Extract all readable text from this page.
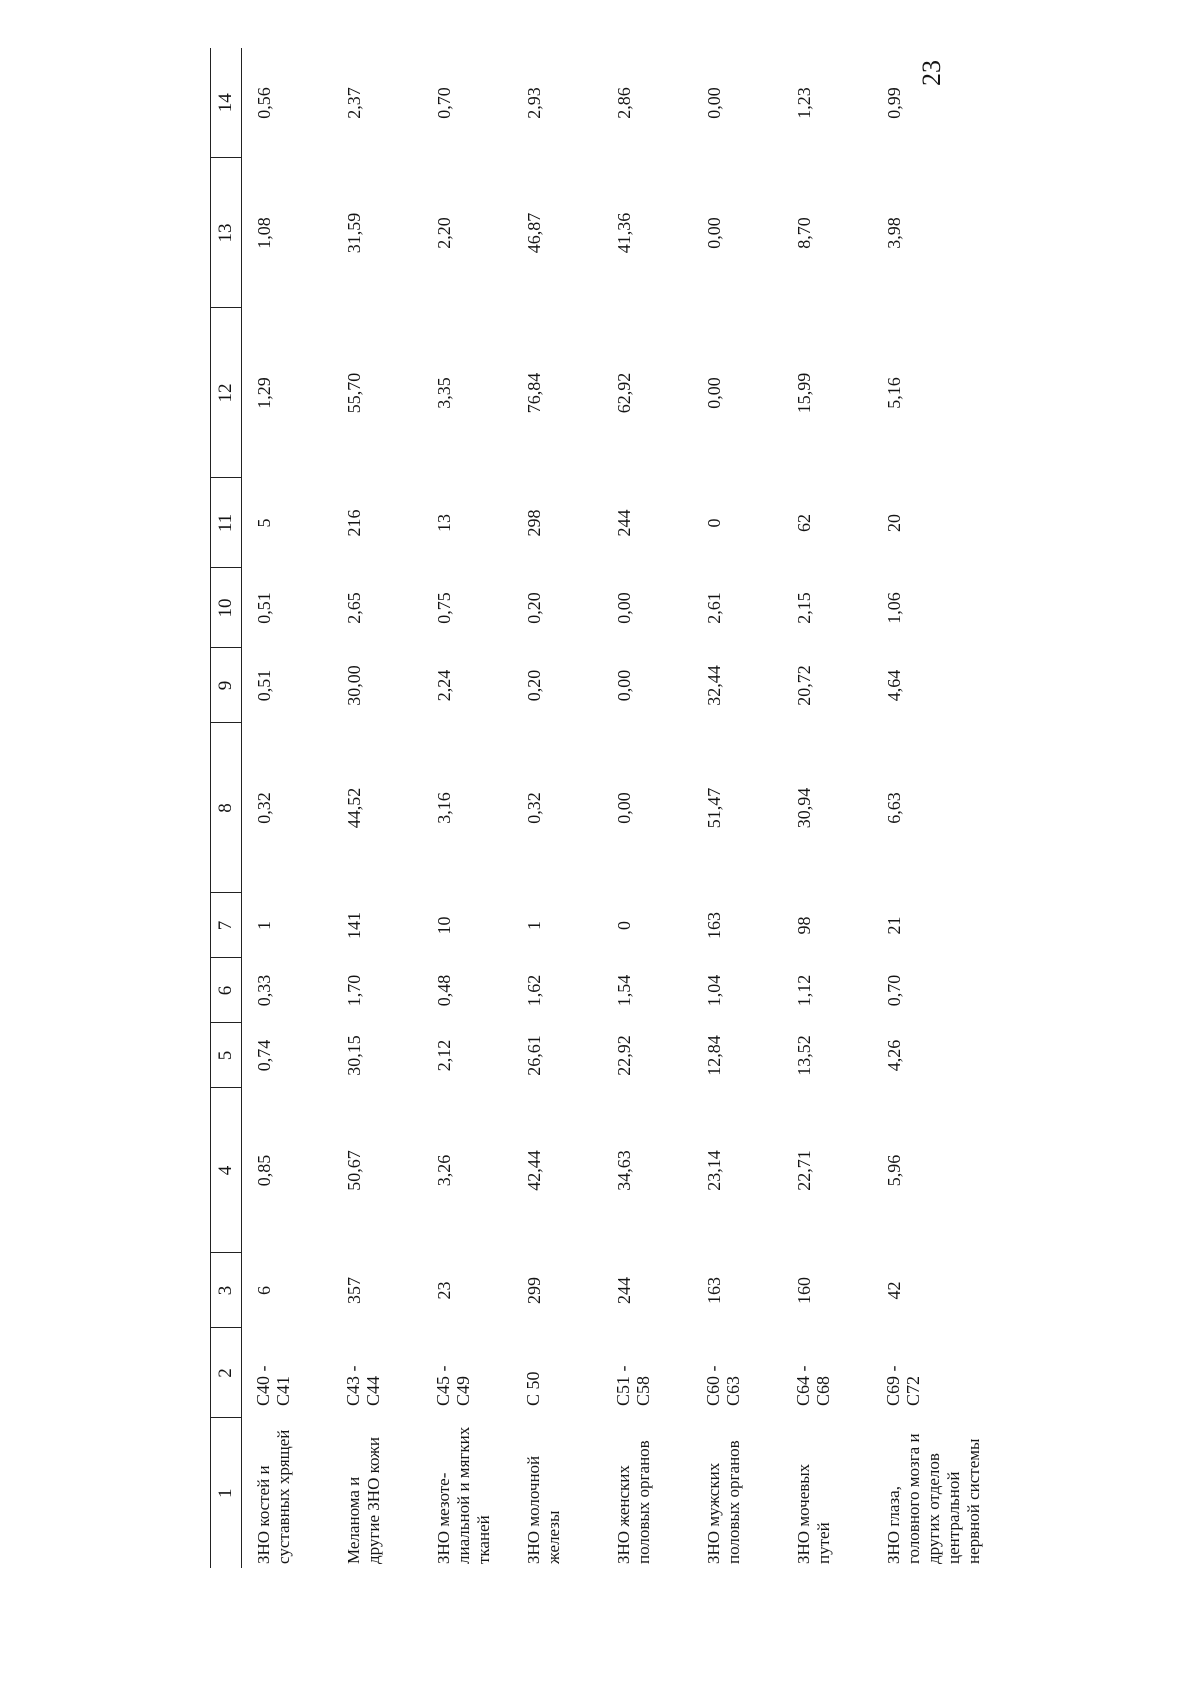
23
1	2	3	4	5	6	7	8	9	10	11	12	13	14
ЗНО костей и суставных хрящей	C40 - C41	6	0,85	0,74	0,33	1	0,32	0,51	0,51	5	1,29	1,08	0,56
Меланома и другие ЗНО кожи	C43 - C44	357	50,67	30,15	1,70	141	44,52	30,00	2,65	216	55,70	31,59	2,37
ЗНО мезоте-лиальной и мягких тканей	C45 - C49	23	3,26	2,12	0,48	10	3,16	2,24	0,75	13	3,35	2,20	0,70
ЗНО молочной железы	C 50	299	42,44	26,61	1,62	1	0,32	0,20	0,20	298	76,84	46,87	2,93
ЗНО женских половых органов	C51 - C58	244	34,63	22,92	1,54	0	0,00	0,00	0,00	244	62,92	41,36	2,86
ЗНО мужских половых органов	C60 - C63	163	23,14	12,84	1,04	163	51,47	32,44	2,61	0	0,00	0,00	0,00
ЗНО мочевых путей	C64 - C68	160	22,71	13,52	1,12	98	30,94	20,72	2,15	62	15,99	8,70	1,23
ЗНО глаза, головного мозга и других отделов центральной нервной системы	C69 - C72	42	5,96	4,26	0,70	21	6,63	4,64	1,06	20	5,16	3,98	0,99
